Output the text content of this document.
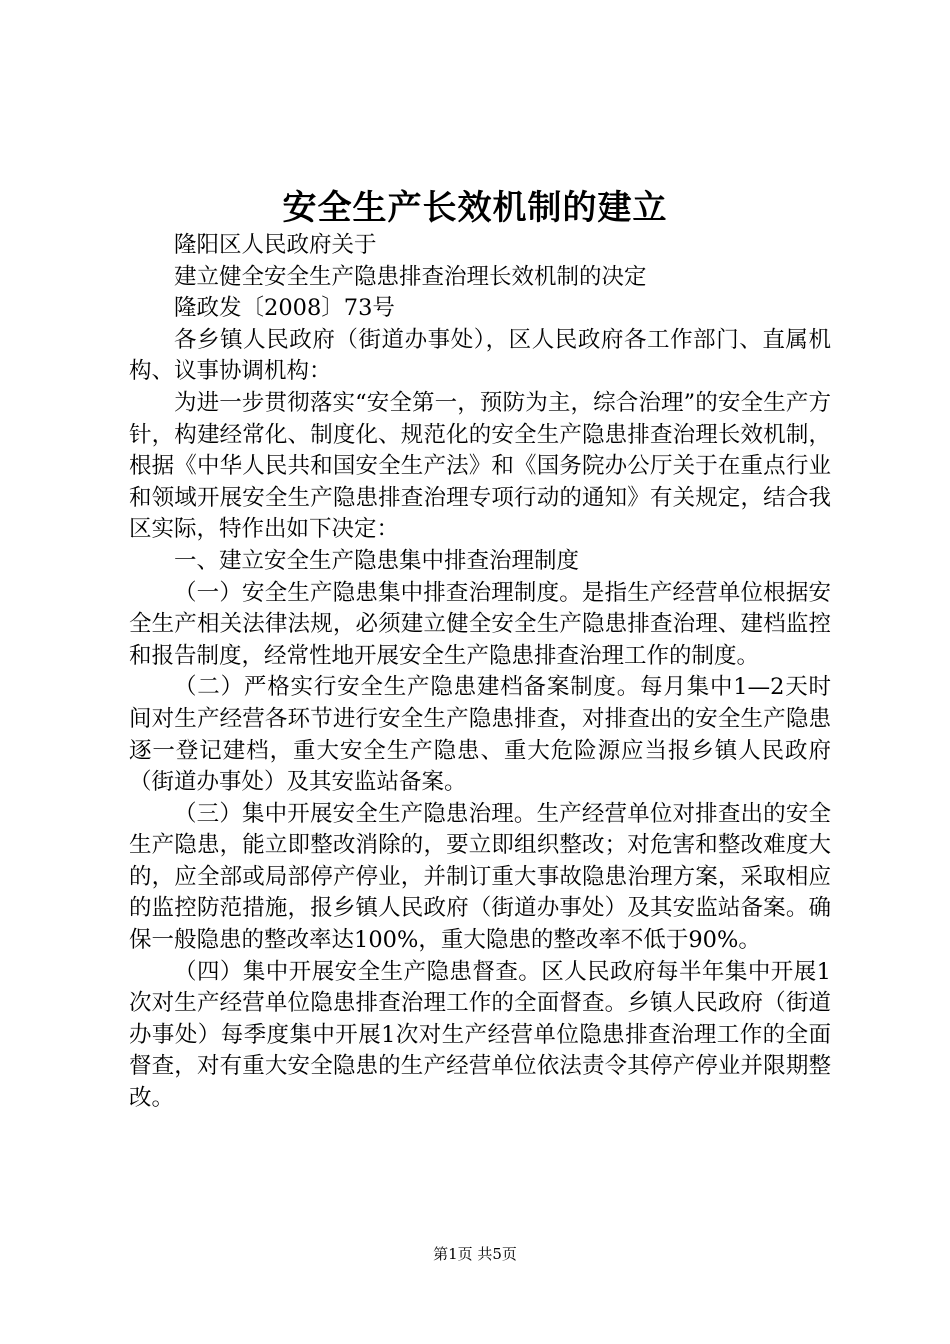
安全生产长效机制的建立

隆阳区人民政府关于

建立健全安全生产隐患排查治理长效机制的决定

隆政发〔2008〕73号

各乡镇人民政府（街道办事处），区人民政府各工作部门、直属机构、议事协调机构：

为进一步贯彻落实“安全第一，预防为主，综合治理”的安全生产方针，构建经常化、制度化、规范化的安全生产隐患排查治理长效机制，根据《中华人民共和国安全生产法》和《国务院办公厅关于在重点行业和领域开展安全生产隐患排查治理专项行动的通知》有关规定，结合我区实际，特作出如下决定：

一、建立安全生产隐患集中排查治理制度

（一）安全生产隐患集中排查治理制度。是指生产经营单位根据安全生产相关法律法规，必须建立健全安全生产隐患排查治理、建档监控和报告制度，经常性地开展安全生产隐患排查治理工作的制度。

（二）严格实行安全生产隐患建档备案制度。每月集中1—2天时间对生产经营各环节进行安全生产隐患排查，对排查出的安全生产隐患逐一登记建档，重大安全生产隐患、重大危险源应当报乡镇人民政府（街道办事处）及其安监站备案。

（三）集中开展安全生产隐患治理。生产经营单位对排查出的安全生产隐患，能立即整改消除的，要立即组织整改；对危害和整改难度大的，应全部或局部停产停业，并制订重大事故隐患治理方案，采取相应的监控防范措施，报乡镇人民政府（街道办事处）及其安监站备案。确保一般隐患的整改率达100%，重大隐患的整改率不低于90%。

（四）集中开展安全生产隐患督查。区人民政府每半年集中开展1次对生产经营单位隐患排查治理工作的全面督查。乡镇人民政府（街道办事处）每季度集中开展1次对生产经营单位隐患排查治理工作的全面督查，对有重大安全隐患的生产经营单位依法责令其停产停业并限期整改。

第1页 共5页
